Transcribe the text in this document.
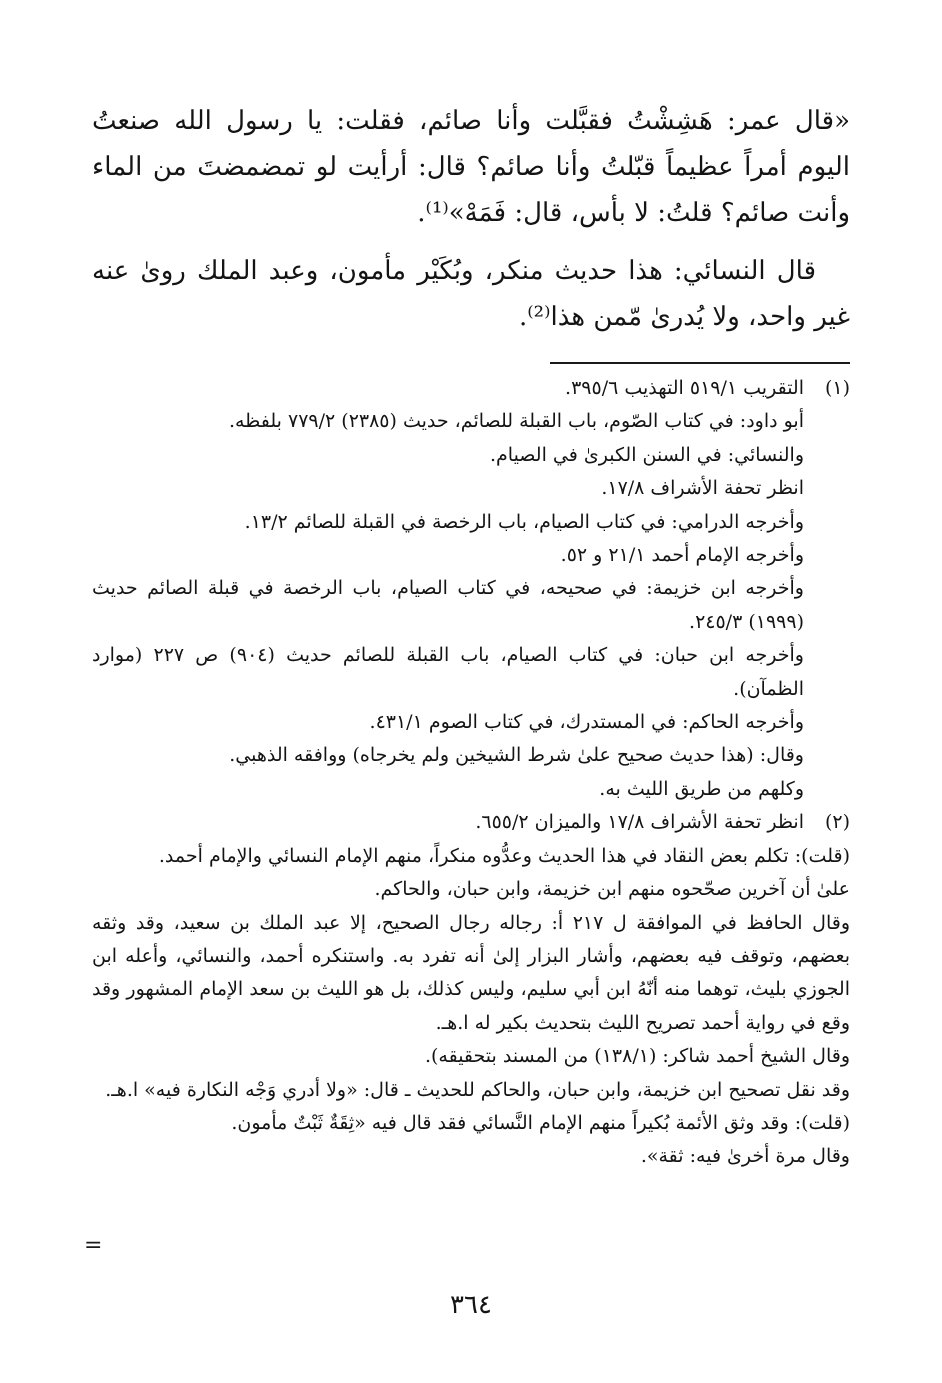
«قال عمر: هَشِشْتُ فقبَّلت وأنا صائم، فقلت: يا رسول الله صنعتُ اليوم أمراً عظيماً قبّلتُ وأنا صائم؟ قال: أرأيت لو تمضمضتَ من الماء وأنت صائم؟ قلتُ: لا بأس، قال: فَمَهْ»⁽¹⁾.

قال النسائي: هذا حديث منكر، وبُكَيْر مأمون، وعبد الملك روىٰ عنه غير واحد، ولا يُدرىٰ مّمن هذا⁽²⁾.

(١)

التقريب ٥١٩/١ التهذيب ٣٩٥/٦.

أبو داود: في كتاب الصّوم، باب القبلة للصائم، حديث (٢٣٨٥) ٧٧٩/٢ بلفظه.

والنسائي: في السنن الكبرىٰ في الصيام.

انظر تحفة الأشراف ١٧/٨.

وأخرجه الدرامي: في كتاب الصيام، باب الرخصة في القبلة للصائم ١٣/٢.

وأخرجه الإمام أحمد ٢١/١ و ٥٢.

وأخرجه ابن خزيمة: في صحيحه، في كتاب الصيام، باب الرخصة في قبلة الصائم حديث (١٩٩٩) ٢٤٥/٣.

وأخرجه ابن حبان: في كتاب الصيام، باب القبلة للصائم حديث (٩٠٤) ص ٢٢٧ (موارد الظمآن).

وأخرجه الحاكم: في المستدرك، في كتاب الصوم ٤٣١/١.

وقال: (هذا حديث صحيح علىٰ شرط الشيخين ولم يخرجاه) ووافقه الذهبي.

وكلهم من طريق الليث به.

(٢)

انظر تحفة الأشراف ١٧/٨ والميزان ٦٥٥/٢.

(قلت): تكلم بعض النقاد في هذا الحديث وعدُّوه منكراً، منهم الإمام النسائي والإمام أحمد.

علىٰ أن آخرين صحّحوه منهم ابن خزيمة، وابن حبان، والحاكم.

وقال الحافظ في الموافقة ل ٢١٧ أ: رجاله رجال الصحيح، إلا عبد الملك بن سعيد، وقد وثقه بعضهم، وتوقف فيه بعضهم، وأشار البزار إلىٰ أنه تفرد به. واستنكره أحمد، والنسائي، وأعله ابن الجوزي بليث، توهما منه أنّهُ ابن أبي سليم، وليس كذلك، بل هو الليث بن سعد الإمام المشهور وقد وقع في رواية أحمد تصريح الليث بتحديث بكير له ا.هـ.

وقال الشيخ أحمد شاكر: (١٣٨/١) من المسند بتحقيقه).

وقد نقل تصحيح ابن خزيمة، وابن حبان، والحاكم للحديث ـ قال: «ولا أدري وَجْه النكارة فيه» ا.هـ.

(قلت): وقد وثق الأئمة بُكيراً منهم الإمام النَّسائي فقد قال فيه «ثِقَةٌ ثَبْتٌ مأمون.

وقال مرة أخرىٰ فيه: ثقة».

=
٣٦٤
